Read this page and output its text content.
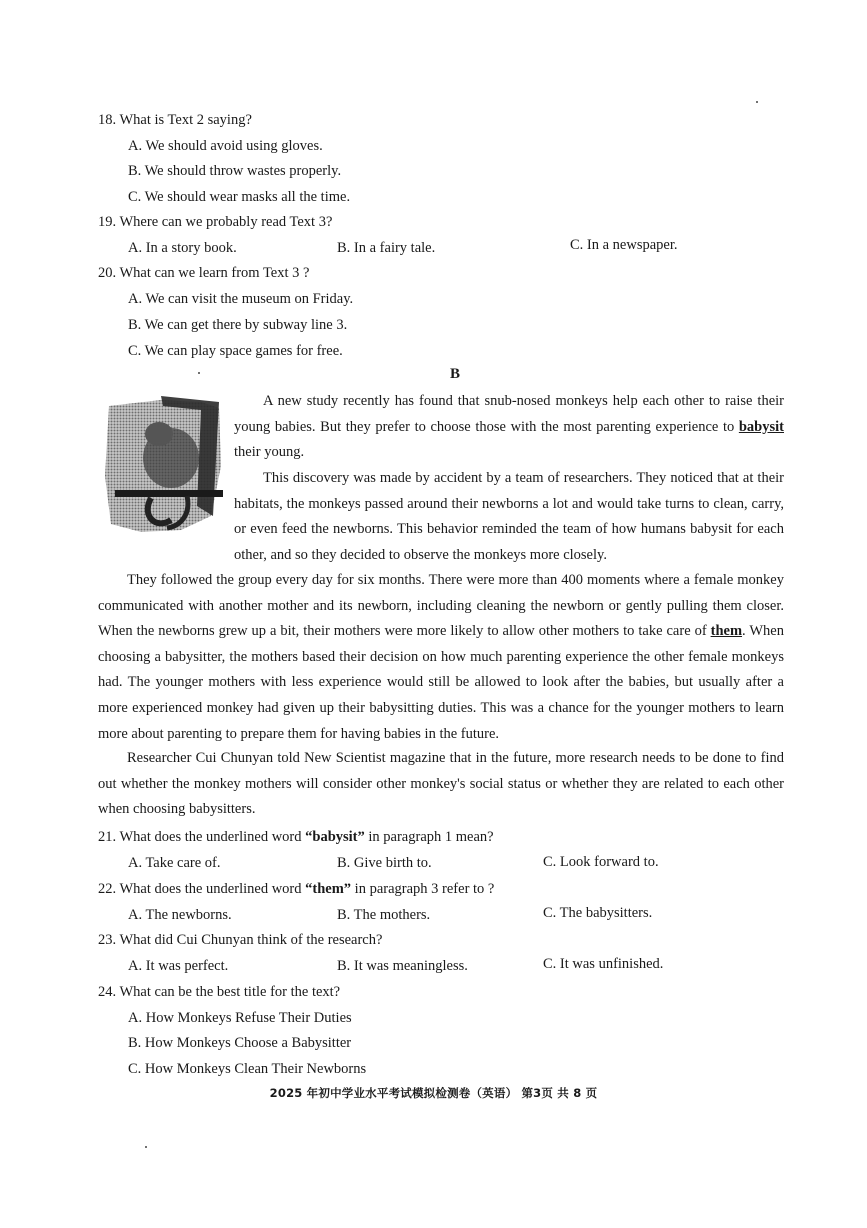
18. What is Text 2 saying?
A. We should avoid using gloves.
B. We should throw wastes properly.
C. We should wear masks all the time.
19. Where can we probably read Text 3?
A. In a story book.	B. In a fairy tale.	C. In a newspaper.
20. What can we learn from Text 3 ?
A. We can visit the museum on Friday.
B. We can get there by subway line 3.
C. We can play space games for free.
B

A new study recently has found that snub-nosed monkeys help each other to raise their young babies. But they prefer to choose those with the most parenting experience to babysit their young.

This discovery was made by accident by a team of researchers. They noticed that at their habitats, the monkeys passed around their newborns a lot and would take turns to clean, carry, or even feed the newborns. This behavior reminded the team of how humans babysit for each other, and so they decided to observe the monkeys more closely.

They followed the group every day for six months. There were more than 400 moments where a female monkey communicated with another mother and its newborn, including cleaning the newborn or gently pulling them closer. When the newborns grew up a bit, their mothers were more likely to allow other mothers to take care of them. When choosing a babysitter, the mothers based their decision on how much parenting experience the other female monkeys had. The younger mothers with less experience would still be allowed to look after the babies, but usually after a more experienced monkey had given up their babysitting duties. This was a chance for the younger mothers to learn more about parenting to prepare them for having babies in the future.

Researcher Cui Chunyan told New Scientist magazine that in the future, more research needs to be done to find out whether the monkey mothers will consider other monkey's social status or whether they are related to each other when choosing babysitters.

21. What does the underlined word “babysit” in paragraph 1 mean?
A. Take care of.	B. Give birth to.	C. Look forward to.
22. What does the underlined word “them” in paragraph 3 refer to ?
A. The newborns.	B. The mothers.	C. The babysitters.
23. What did Cui Chunyan think of the research?
A. It was perfect.	B. It was meaningless.	C. It was unfinished.
24. What can be the best title for the text?
A. How Monkeys Refuse Their Duties
B. How Monkeys Choose a Babysitter
C. How Monkeys Clean Their Newborns
2025 年初中学业水平考试模拟检测卷（英语） 第3页 共 8 页
